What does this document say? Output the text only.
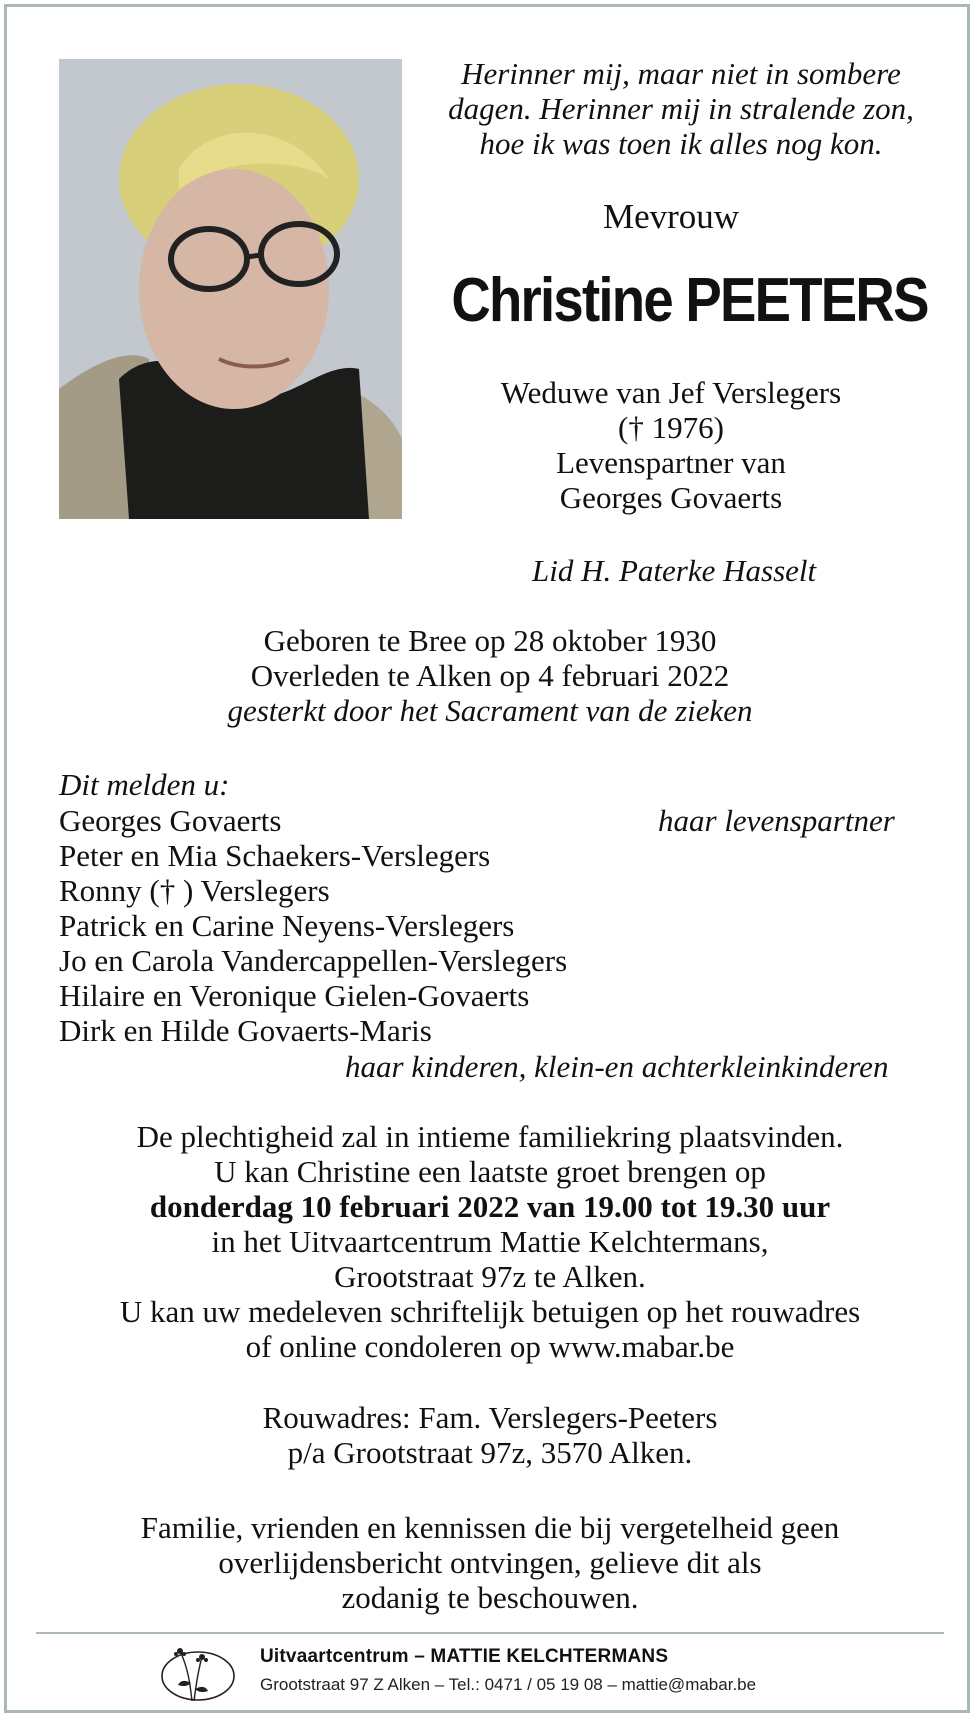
Herinner mij, maar niet in sombere
dagen. Herinner mij in stralende zon,
hoe ik was toen ik alles nog kon.

Mevrouw

Christine PEETERS

Weduwe van Jef Verslegers
(† 1976)
Levenspartner van
Georges Govaerts

Lid H. Paterke Hasselt

Geboren te Bree op 28 oktober 1930
Overleden te Alken op 4 februari 2022
gesterkt door het Sacrament van de zieken

Dit melden u:

Georges Govaerts

Peter en Mia Schaekers-Verslegers

Ronny († ) Verslegers

Patrick en Carine Neyens-Verslegers

Jo en Carola Vandercappellen-Verslegers

Hilaire en Veronique Gielen-Govaerts

Dirk en Hilde Govaerts-Maris

haar levenspartner

haar kinderen, klein-en achterkleinkinderen

De plechtigheid zal in intieme familiekring plaatsvinden.
U kan Christine een laatste groet brengen op
donderdag 10 februari 2022 van 19.00 tot 19.30 uur
in het Uitvaartcentrum Mattie Kelchtermans,
Grootstraat 97z te Alken.
U kan uw medeleven schriftelijk betuigen op het rouwadres
of online condoleren op www.mabar.be
Rouwadres: Fam. Verslegers-Peeters
p/a Grootstraat 97z, 3570 Alken.
Familie, vrienden en kennissen die bij vergetelheid geen
overlijdensbericht ontvingen, gelieve dit als
zodanig te beschouwen.
Uitvaartcentrum – MATTIE KELCHTERMANS
Grootstraat 97 Z Alken – Tel.: 0471 / 05 19 08 – mattie@mabar.be
